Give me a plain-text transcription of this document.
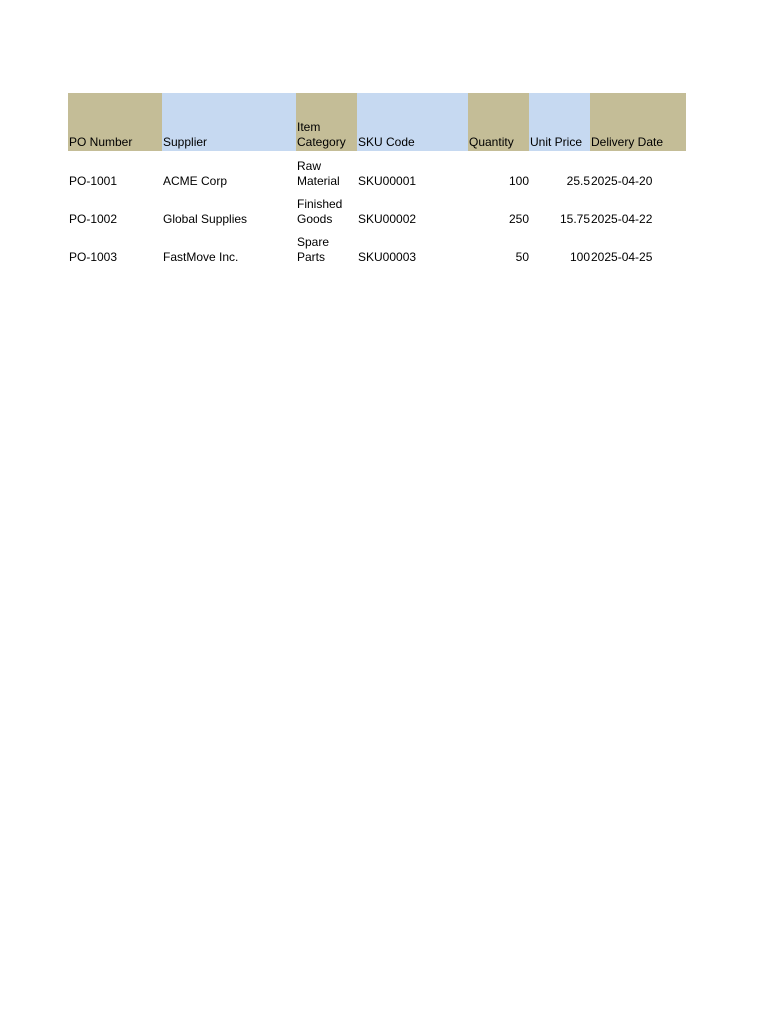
PO Number	Supplier	Item Category	SKU Code	Quantity	Unit Price	Delivery Date
PO-1001	ACME Corp	Raw Material	SKU00001	100	25.5	2025-04-20
PO-1002	Global Supplies	Finished Goods	SKU00002	250	15.75	2025-04-22
PO-1003	FastMove Inc.	Spare Parts	SKU00003	50	100	2025-04-25
